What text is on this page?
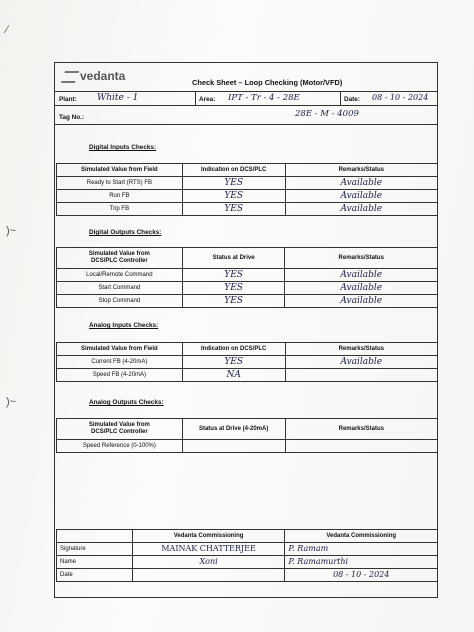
⁄
)~
)~
vedanta	Check Sheet – Loop Checking (Motor/VFD)
Plant: White - 1	Area: IPT - Tr - 4 - 28E	Date: 08 - 10 - 2024
Tag No.:	28E - M - 4009
Digital Inputs Checks:
Simulated Value from Field	Indication on DCS/PLC	Remarks/Status
Ready to Start (RTS) FB	YES	Available
Run FB	YES	Available
Trip FB	YES	Available
Digital Outputs Checks:
Simulated Value from
DCS/PLC Controller	Status at Drive	Remarks/Status
Local/Remote Command	YES	Available
Start Command	YES	Available
Stop Command	YES	Available
Analog Inputs Checks:
Simulated Value from Field	Indication on DCS/PLC	Remarks/Status
Current FB (4-20mA)	YES	Available
Speed FB (4-20mA)	NA	
Analog Outputs Checks:
Simulated Value from
DCS/PLC Controller	Status at Drive (4-20mA)	Remarks/Status
Speed Reference (0-100%)		
	Vedanta Commissioning	Vedanta Commissioning
Signature	MAINAK CHATTERJEE	P. Ramam
Name	Xoni	P. Ramamurthi
Date		08 - 10 - 2024
